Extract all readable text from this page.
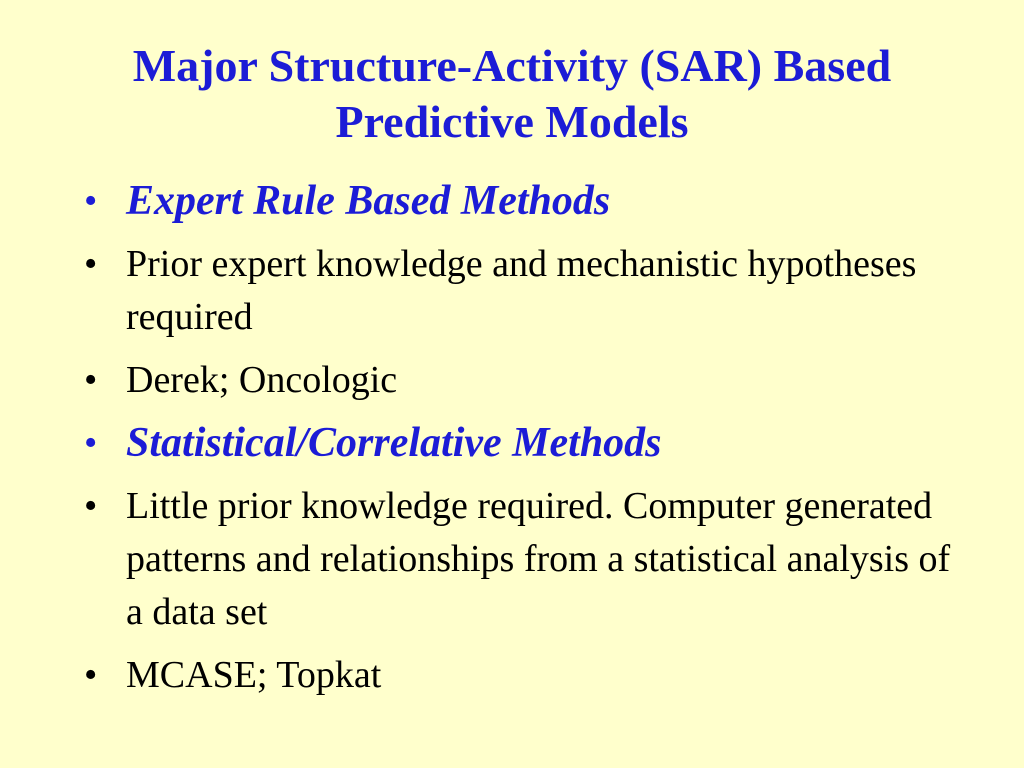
Major Structure-Activity (SAR) Based
Predictive Models
• Expert Rule Based Methods
• Prior expert knowledge and mechanistic hypotheses required
• Derek; Oncologic
• Statistical/Correlative Methods
• Little prior knowledge required. Computer generated patterns and relationships from a statistical analysis of a data set
• MCASE; Topkat
